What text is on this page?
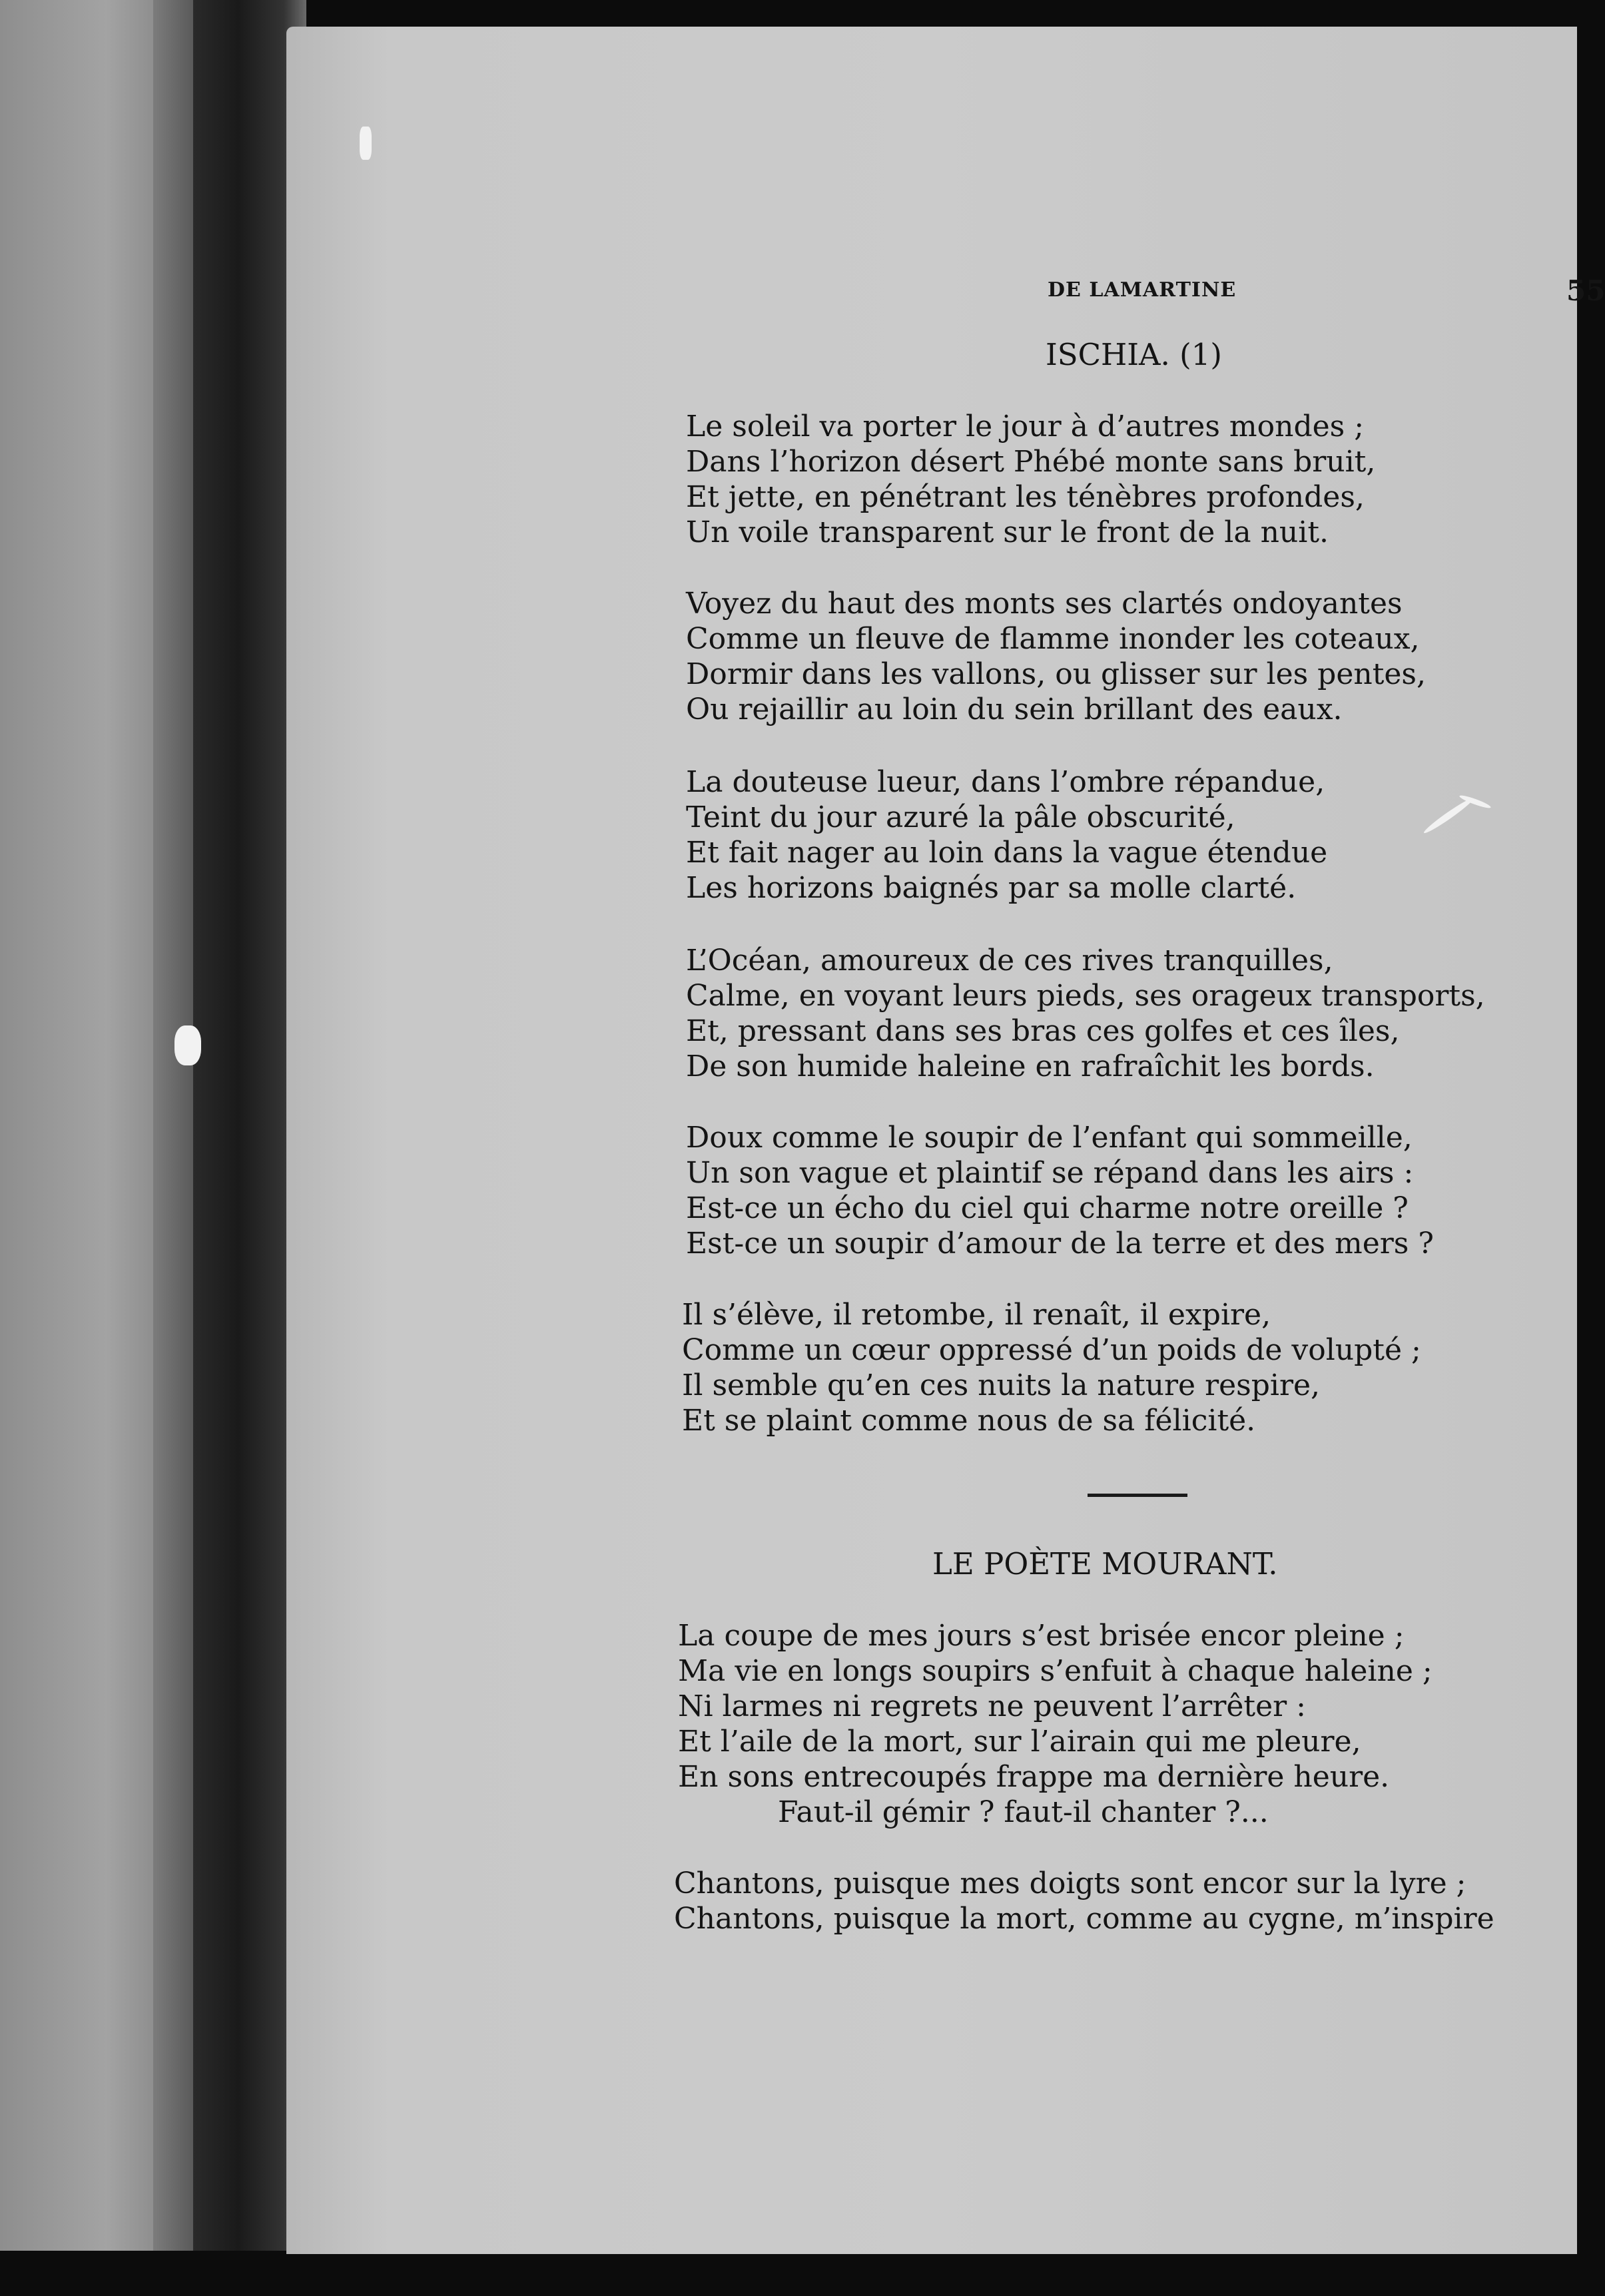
DE LAMARTINE	55
ISCHIA. (1)
Le soleil va porter le jour à d’autres mondes ;
Dans l’horizon désert Phébé monte sans bruit,
Et jette, en pénétrant les ténèbres profondes,
Un voile transparent sur le front de la nuit.
Voyez du haut des monts ses clartés ondoyantes
Comme un fleuve de flamme inonder les coteaux,
Dormir dans les vallons, ou glisser sur les pentes,
Ou rejaillir au loin du sein brillant des eaux.
La douteuse lueur, dans l’ombre répandue,
Teint du jour azuré la pâle obscurité,
Et fait nager au loin dans la vague étendue
Les horizons baignés par sa molle clarté.
L’Océan, amoureux de ces rives tranquilles,
Calme, en voyant leurs pieds, ses orageux transports,
Et, pressant dans ses bras ces golfes et ces îles,
De son humide haleine en rafraîchit les bords.
Doux comme le soupir de l’enfant qui sommeille,
Un son vague et plaintif se répand dans les airs :
Est-ce un écho du ciel qui charme notre oreille ?
Est-ce un soupir d’amour de la terre et des mers ?
Il s’élève, il retombe, il renaît, il expire,
Comme un cœur oppressé d’un poids de volupté ;
Il semble qu’en ces nuits la nature respire,
Et se plaint comme nous de sa félicité.
LE POÈTE MOURANT.
La coupe de mes jours s’est brisée encor pleine ;
Ma vie en longs soupirs s’enfuit à chaque haleine ;
Ni larmes ni regrets ne peuvent l’arrêter :
Et l’aile de la mort, sur l’airain qui me pleure,
En sons entrecoupés frappe ma dernière heure.
Faut-il gémir ? faut-il chanter ?...
Chantons, puisque mes doigts sont encor sur la lyre ;
Chantons, puisque la mort, comme au cygne, m’inspire
